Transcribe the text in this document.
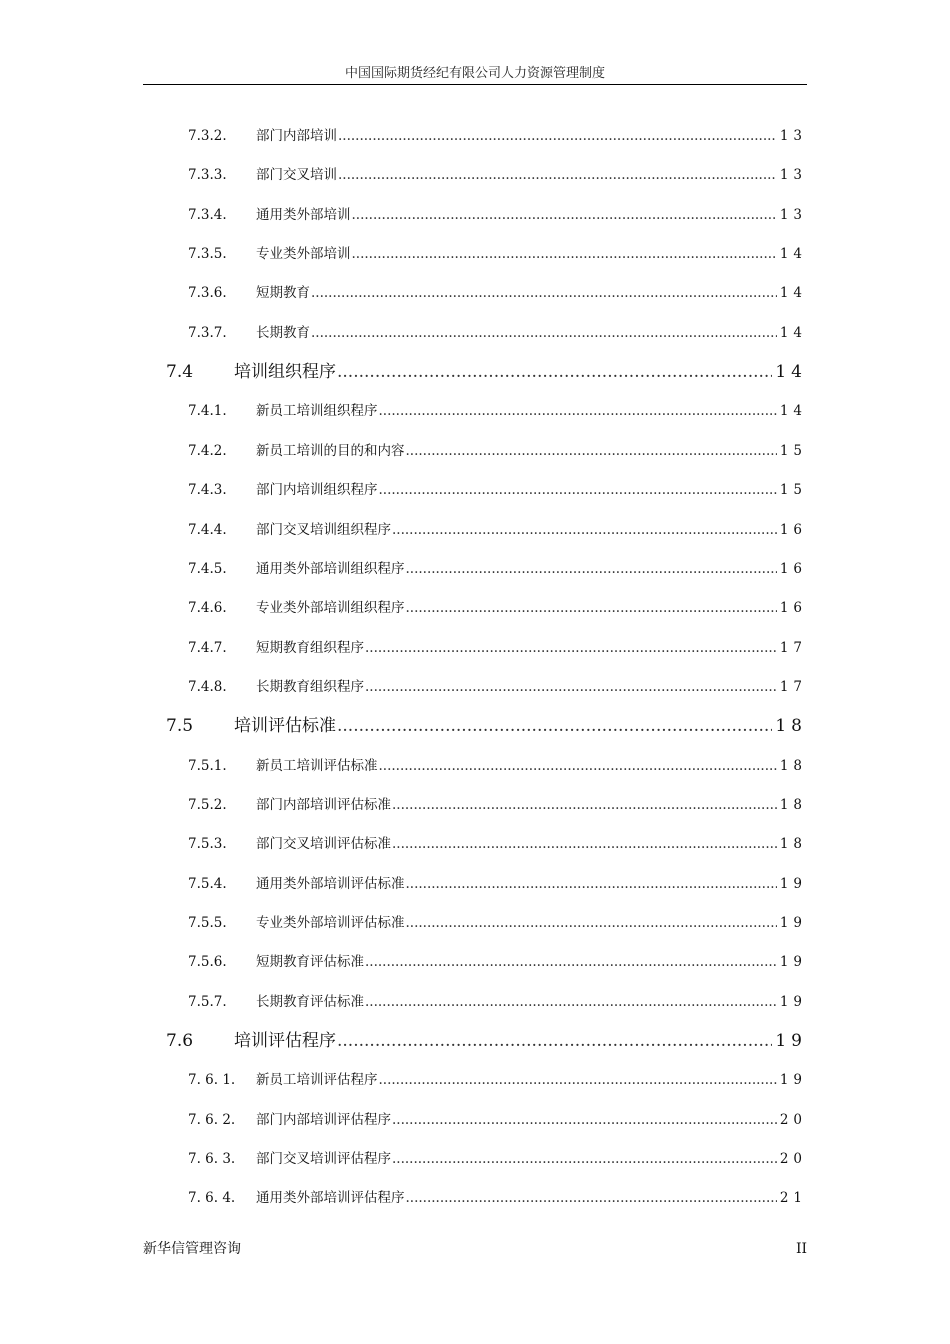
中国国际期货经纪有限公司人力资源管理制度
7.3.2.	部门内部培训 .....	13
7.3.3.	部门交叉培训 .....	13
7.3.4.	通用类外部培训 .....	13
7.3.5.	专业类外部培训 .....	14
7.3.6.	短期教育 .....	14
7.3.7.	长期教育 .....	14
7.4	培训组织程序 .....	14
7.4.1.	新员工培训组织程序 .....	14
7.4.2.	新员工培训的目的和内容 .....	15
7.4.3.	部门内培训组织程序 .....	15
7.4.4.	部门交叉培训组织程序 .....	16
7.4.5.	通用类外部培训组织程序 .....	16
7.4.6.	专业类外部培训组织程序 .....	16
7.4.7.	短期教育组织程序 .....	17
7.4.8.	长期教育组织程序 .....	17
7.5	培训评估标准 .....	18
7.5.1.	新员工培训评估标准 .....	18
7.5.2.	部门内部培训评估标准 .....	18
7.5.3.	部门交叉培训评估标准 .....	18
7.5.4.	通用类外部培训评估标准 .....	19
7.5.5.	专业类外部培训评估标准 .....	19
7.5.6.	短期教育评估标准 .....	19
7.5.7.	长期教育评估标准 .....	19
7.6	培训评估程序 .....	19
7. 6. 1.	新员工培训评估程序 .....	19
7. 6. 2.	部门内部培训评估程序 .....	20
7. 6. 3.	部门交叉培训评估程序 .....	20
7. 6. 4.	通用类外部培训评估程序 .....	21
新华信管理咨询	II
